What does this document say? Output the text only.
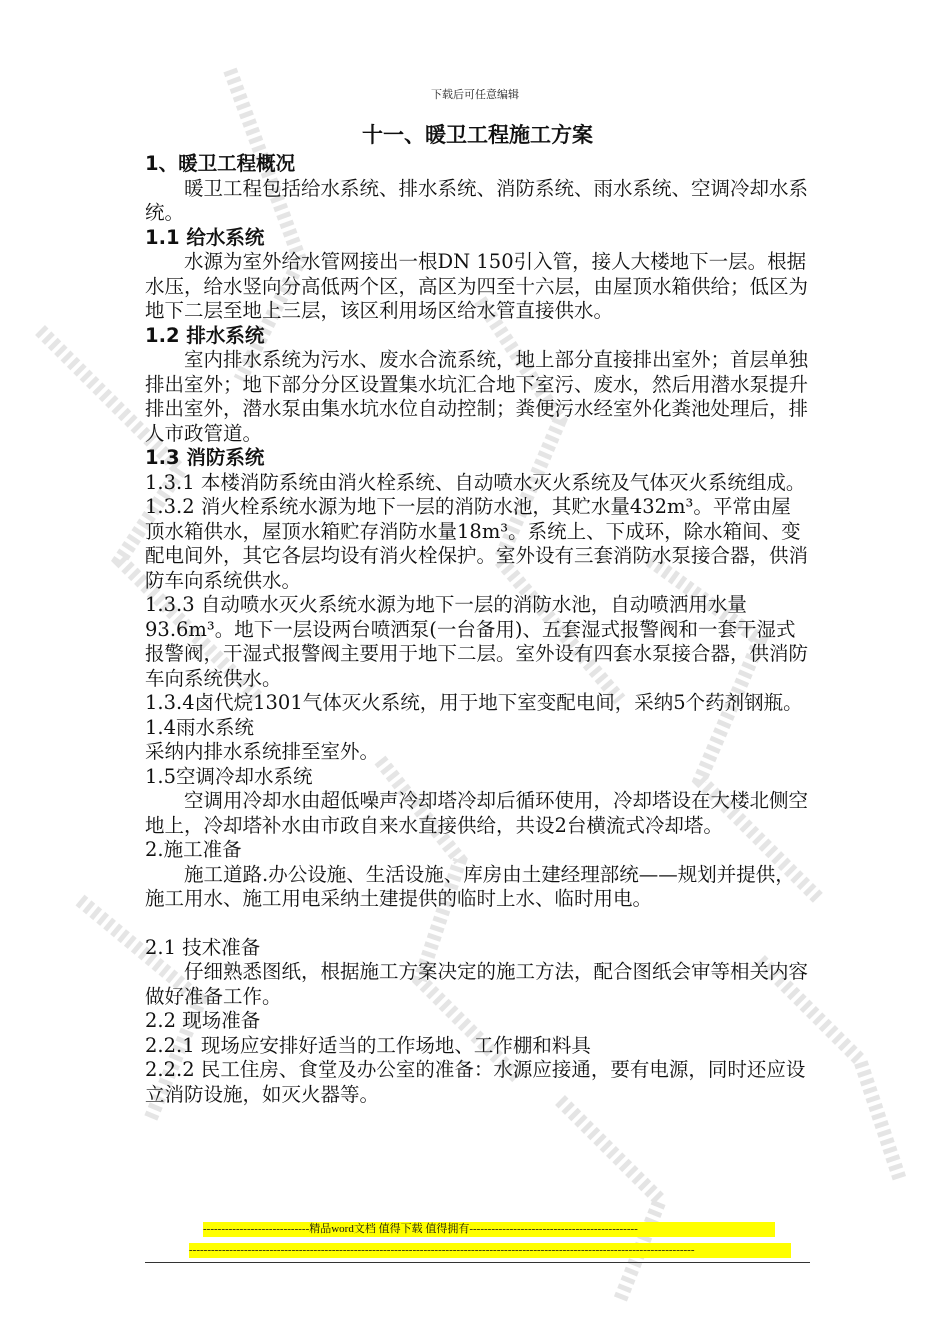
下载后可任意编辑
十一、暖卫工程施工方案
1、暖卫工程概况
暖卫工程包括给水系统、排水系统、消防系统、雨水系统、空调冷却水系统。
1.1 给水系统
水源为室外给水管网接出一根DN 150引入管，接人大楼地下一层。根据水压，给水竖向分高低两个区，高区为四至十六层，由屋顶水箱供给；低区为地下二层至地上三层，该区利用场区给水管直接供水。
1.2 排水系统
室内排水系统为污水、废水合流系统，地上部分直接排出室外；首层单独排出室外；地下部分分区设置集水坑汇合地下室污、废水，然后用潜水泵提升排出室外，潜水泵由集水坑水位自动控制；粪便污水经室外化粪池处理后，排人市政管道。
1.3 消防系统
1.3.1 本楼消防系统由消火栓系统、自动喷水灭火系统及气体灭火系统组成。
1.3.2 消火栓系统水源为地下一层的消防水池，其贮水量432m³。平常由屋顶水箱供水，屋顶水箱贮存消防水量18m³。系统上、下成环，除水箱间、变配电间外，其它各层均设有消火栓保护。室外设有三套消防水泵接合器，供消防车向系统供水。
1.3.3 自动喷水灭火系统水源为地下一层的消防水池，自动喷洒用水量93.6m³。地下一层设两台喷洒泵(一台备用)、五套湿式报警阀和一套干湿式报警阀，干湿式报警阀主要用于地下二层。室外设有四套水泵接合器，供消防车向系统供水。
1.3.4卤代烷1301气体灭火系统，用于地下室变配电间，采纳5个药剂钢瓶。
1.4雨水系统
采纳内排水系统排至室外。
1.5空调冷却水系统
空调用冷却水由超低噪声冷却塔冷却后循环使用，冷却塔设在大楼北侧空地上，冷却塔补水由市政自来水直接供给，共设2台横流式冷却塔。
2.施工准备
施工道路.办公设施、生活设施、库房由土建经理部统——规划并提供，施工用水、施工用电采纳土建提供的临时上水、临时用电。
2.1 技术准备
仔细熟悉图纸，根据施工方案决定的施工方法，配合图纸会审等相关内容做好准备工作。
2.2 现场准备
2.2.1 现场应安排好适当的工作场地、工作棚和料具
2.2.2 民工住房、食堂及办公室的准备：水源应接通，要有电源，同时还应设立消防设施，如灭火器等。
-----------------------------精品word文档 值得下载 值得拥有----------------------------------------------
------------------------------------------------------------------------------------------------------------------------------------------
